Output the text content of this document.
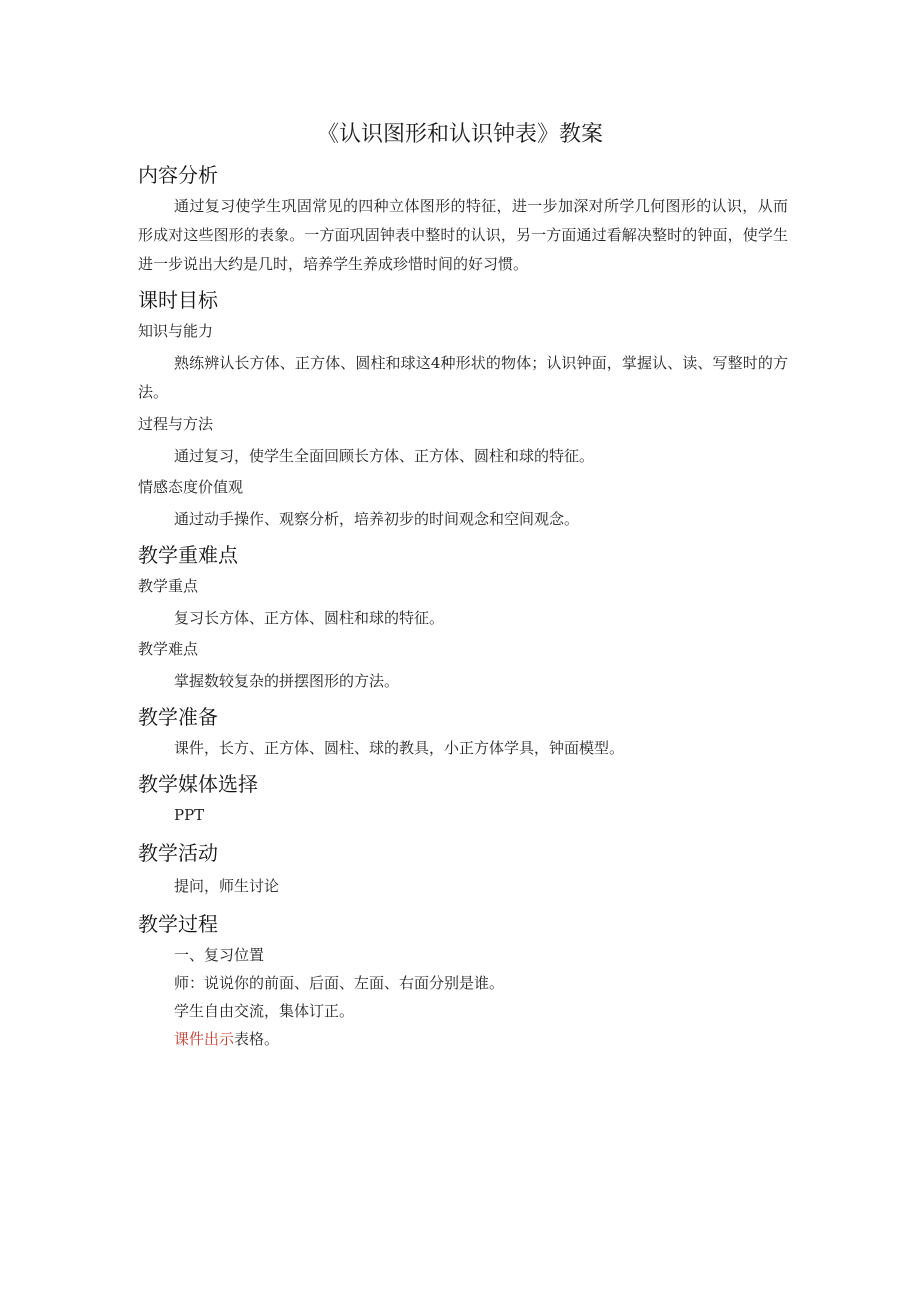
《认识图形和认识钟表》教案
内容分析

通过复习使学生巩固常见的四种立体图形的特征，进一步加深对所学几何图形的认识，从而形成对这些图形的表象。一方面巩固钟表中整时的认识，另一方面通过看解决整时的钟面，使学生进一步说出大约是几时，培养学生养成珍惜时间的好习惯。

课时目标
知识与能力

熟练辨认长方体、正方体、圆柱和球这4种形状的物体；认识钟面，掌握认、读、写整时的方法。

过程与方法

通过复习，使学生全面回顾长方体、正方体、圆柱和球的特征。

情感态度价值观

通过动手操作、观察分析，培养初步的时间观念和空间观念。

教学重难点
教学重点

复习长方体、正方体、圆柱和球的特征。

教学难点

掌握数较复杂的拼摆图形的方法。

教学准备

课件，长方、正方体、圆柱、球的教具，小正方体学具，钟面模型。

教学媒体选择

PPT

教学活动

提问，师生讨论

教学过程

一、复习位置

师：说说你的前面、后面、左面、右面分别是谁。

学生自由交流，集体订正。

课件出示表格。
